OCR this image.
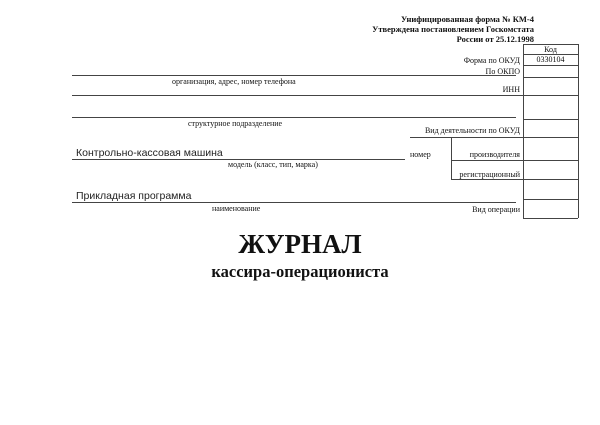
Унифицированная форма № КМ-4
Утверждена постановлением Госкомстата
России от 25.12.1998
Код
0330104
Форма по ОКУД
По ОКПО
ИНН
Вид деятельности по ОКУД
производителя
регистрационный
Вид операции
организация, адрес, номер телефона
структурное подразделение
Контрольно-кассовая машина
модель (класс, тип, марка)
номер
Прикладная программа
наименование
ЖУРНАЛ
кассира-операциониста
